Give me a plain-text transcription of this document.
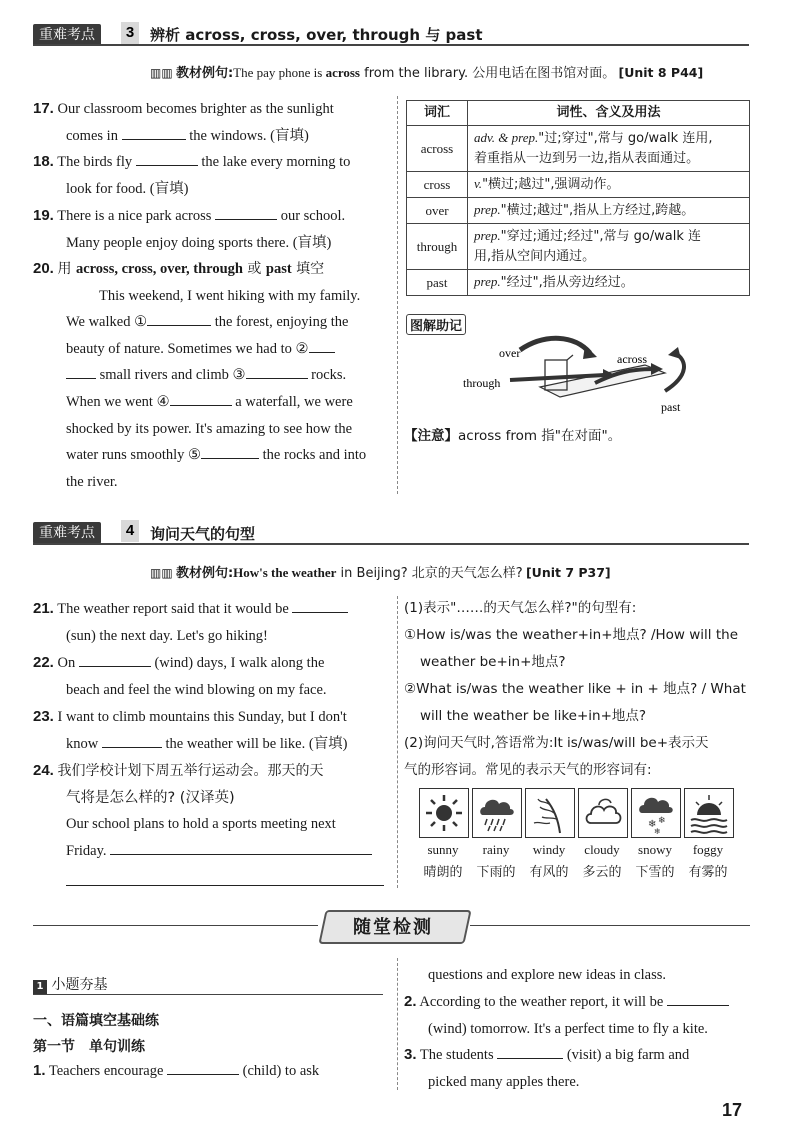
重难考点	3	辨析 across, cross, over, through 与 past
▥▥ 教材例句:The pay phone is across from the library. 公用电话在图书馆对面。 [Unit 8 P44]
17. Our classroom becomes brighter as the sunlight
comes in	the windows. (盲填)
18. The birds fly	the lake every morning to
look for food. (盲填)
19. There is a nice park across	our school.
Many people enjoy doing sports there. (盲填)
20. 用 across, cross, over, through 或 past 填空
This weekend, I went hiking with my family.
We walked ①	the forest, enjoying the
beauty of nature. Sometimes we had to ②
small rivers and climb ③	rocks.
When we went ④	a waterfall, we were
shocked by its power. It's amazing to see how the
water runs smoothly ⑤	the rocks and into
the river.
词汇	词性、含义及用法
across	adv. & prep."过;穿过",常与 go/walk 连用,
着重指从一边到另一边,指从表面通过。
cross	v."横过;越过",强调动作。
over	prep."横过;越过",指从上方经过,跨越。
through	prep."穿过;通过;经过",常与 go/walk 连
用,指从空间内通过。
past	prep."经过",指从旁边经过。
图解助记
over	across
through
past
【注意】across from 指"在对面"。
重难考点	4	询问天气的句型
▥▥ 教材例句:How's the weather in Beijing? 北京的天气怎么样? [Unit 7 P37]
21. The weather report said that it would be
(sun) the next day. Let's go hiking!
22. On	(wind) days, I walk along the
beach and feel the wind blowing on my face.
23. I want to climb mountains this Sunday, but I don't
know	the weather will be like. (盲填)
24. 我们学校计划下周五举行运动会。那天的天
气将是怎么样的? (汉译英)
Our school plans to hold a sports meeting next
Friday.
(1)表示"……的天气怎么样?"的句型有:
①How is/was the weather+in+地点? /How will the
weather be+in+地点?
②What is/was the weather like + in + 地点? / What
will the weather be like+in+地点?
(2)询问天气时,答语常为:It is/was/will be+表示天
气的形容词。常见的表示天气的形容词有:
❄ ❄
❄
sunny	rainy	windy	cloudy	snowy	foggy
晴朗的	下雨的	有风的	多云的	下雪的	有雾的
随堂检测
1 小题夯基
一、语篇填空基础练
第一节　单句训练
1. Teachers encourage	(child) to ask
questions and explore new ideas in class.
2. According to the weather report, it will be
(wind) tomorrow. It's a perfect time to fly a kite.
3. The students	(visit) a big farm and
picked many apples there.
17
